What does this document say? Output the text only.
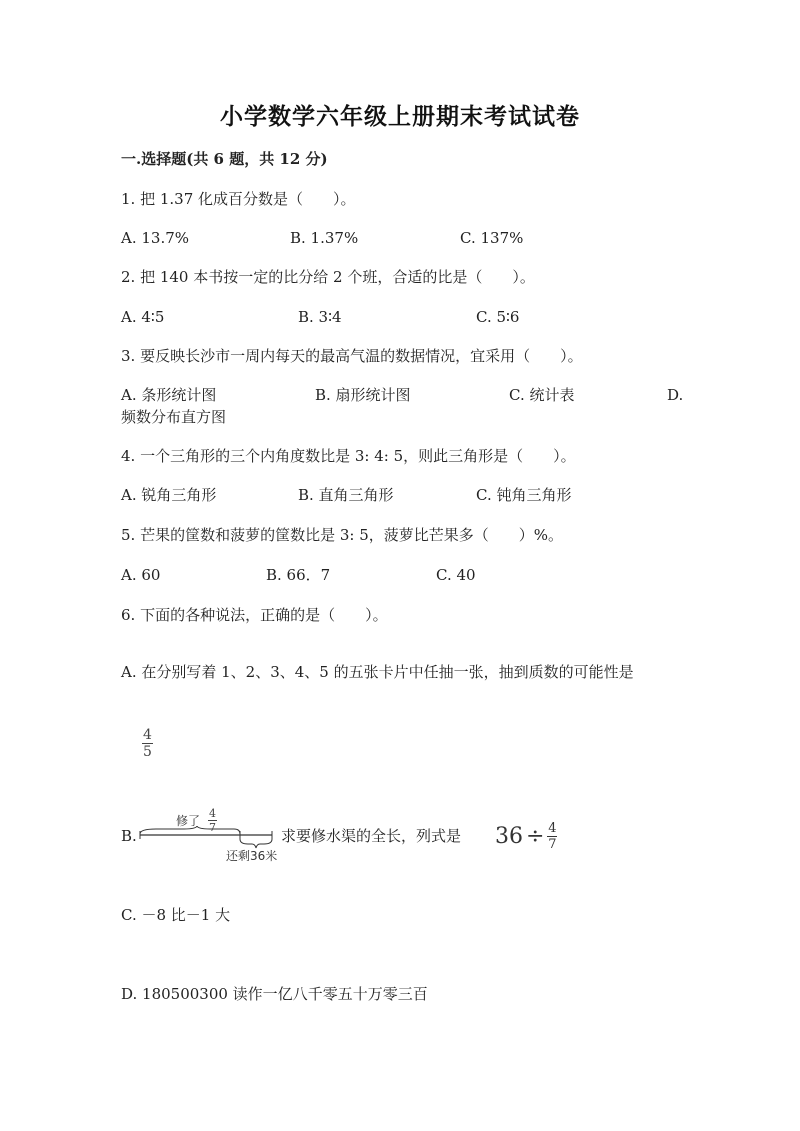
小学数学六年级上册期末考试试卷
一.选择题(共 6 题，共 12 分)
1. 把 1.37 化成百分数是（　　）。
A. 13.7%	B. 1.37%	C. 137%
2. 把 140 本书按一定的比分给 2 个班，合适的比是（　　）。
A. 4∶5	B. 3∶4	C. 5∶6
3. 要反映长沙市一周内每天的最高气温的数据情况，宜采用（　　）。
A. 条形统计图	B. 扇形统计图	C. 统计表	D.
频数分布直方图
4. 一个三角形的三个内角度数比是 3: 4: 5，则此三角形是（　　）。
A. 锐角三角形	B. 直角三角形	C. 钝角三角形
5. 芒果的筐数和菠萝的筐数比是 3: 5，菠萝比芒果多（　　）%。
A. 60	B. 66．7	C. 40
6. 下面的各种说法，正确的是（　　）。
A. 在分别写着 1、2、3、4、5 的五张卡片中任抽一张，抽到质数的可能性是
4
5
B.
修了
4
7
还剩36米
求要修水渠的全长，列式是 36 ÷ 4
7
C. －8 比－1 大
D. 180500300 读作一亿八千零五十万零三百
